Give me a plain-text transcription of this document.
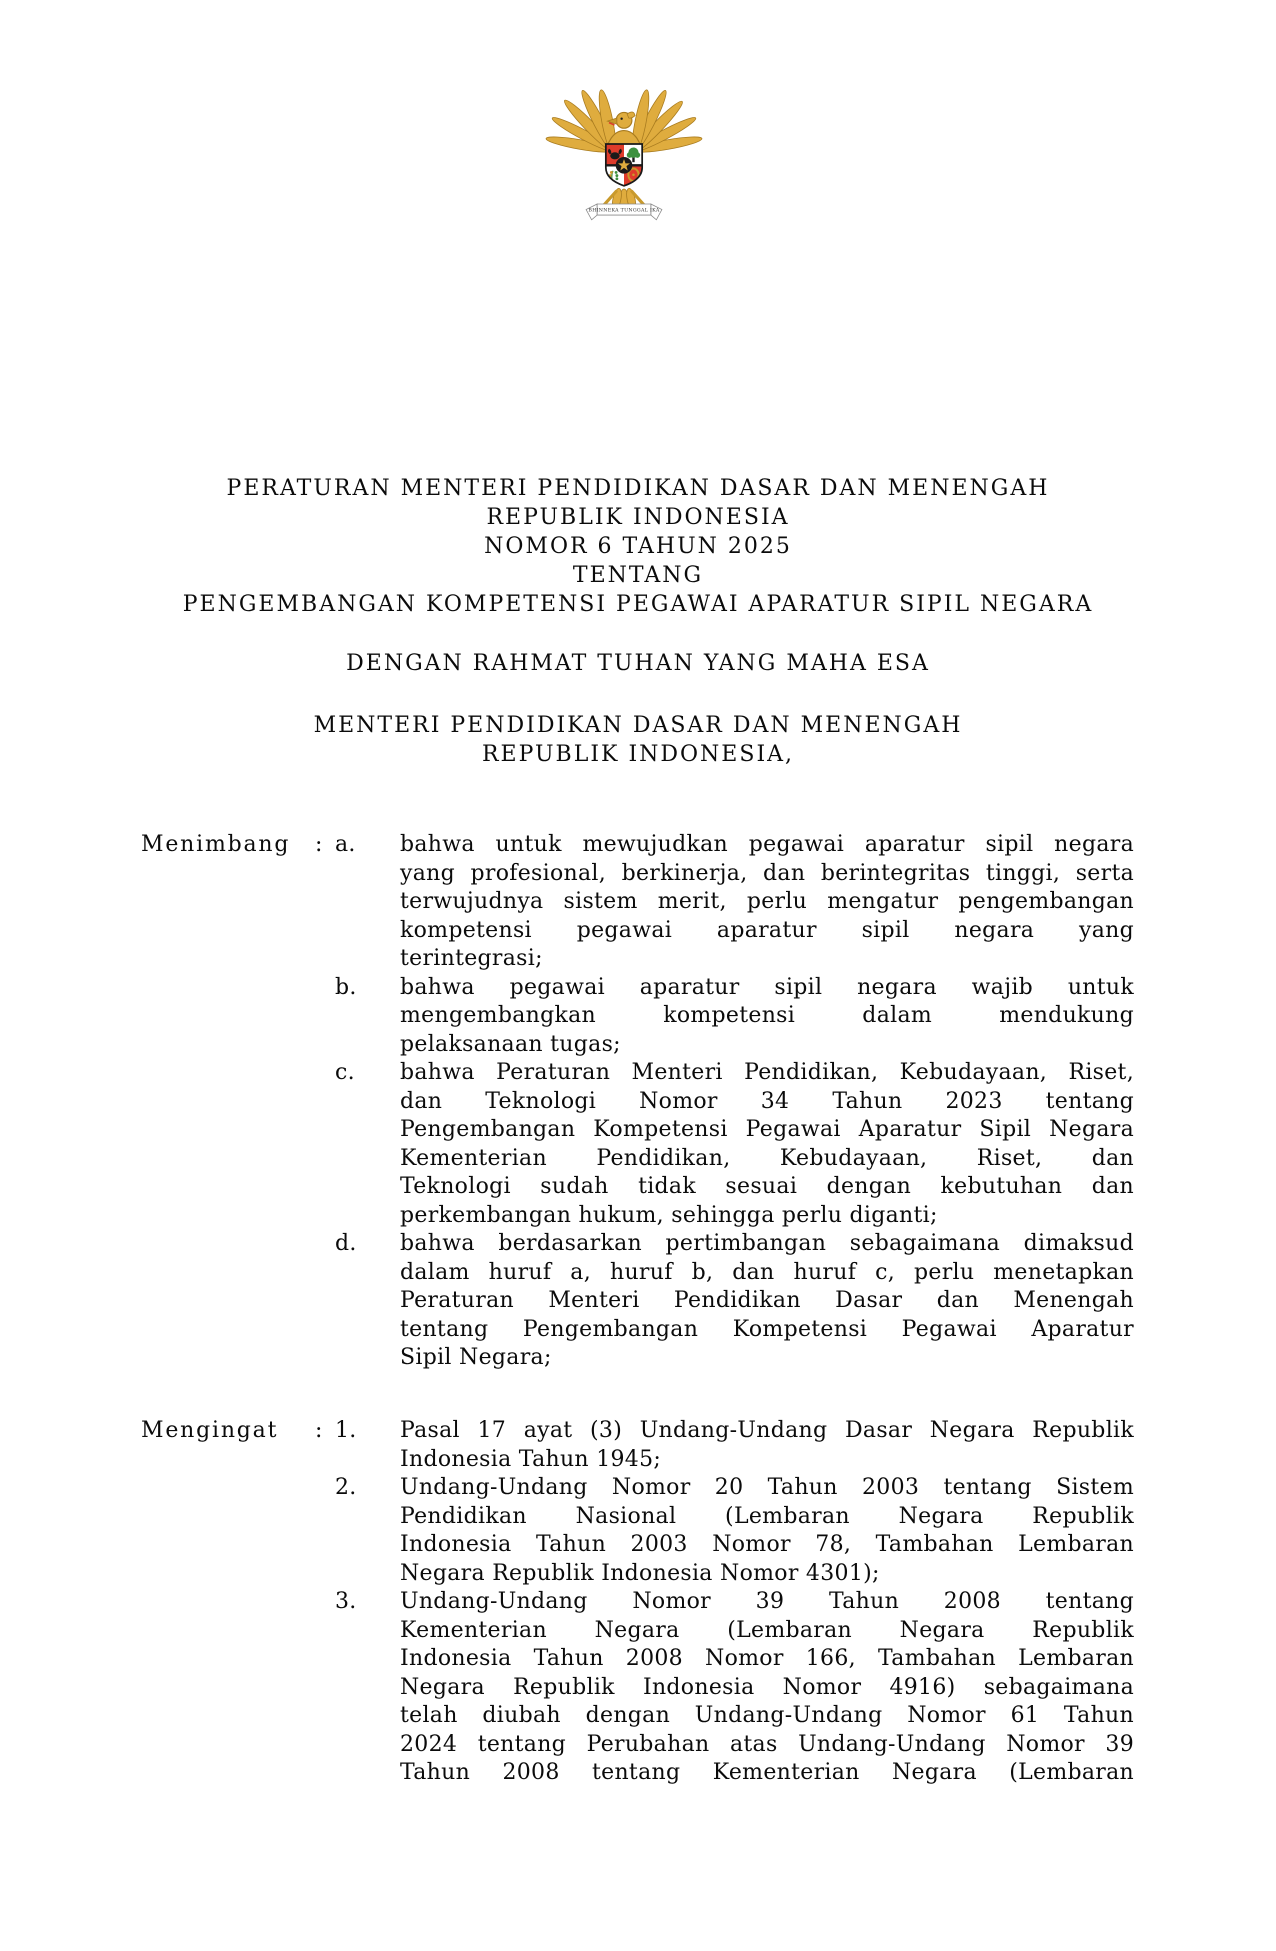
BHINNEKA TUNGGAL IKA
PERATURAN MENTERI PENDIDIKAN DASAR DAN MENENGAH
REPUBLIK INDONESIA
NOMOR 6 TAHUN 2025
TENTANG
PENGEMBANGAN KOMPETENSI PEGAWAI APARATUR SIPIL NEGARA
DENGAN RAHMAT TUHAN YANG MAHA ESA
MENTERI PENDIDIKAN DASAR DAN MENENGAH
REPUBLIK INDONESIA,
Menimbang : a.	bahwa untuk mewujudkan pegawai aparatur sipil negara
yang profesional, berkinerja, dan berintegritas tinggi, serta
terwujudnya sistem merit, perlu mengatur pengembangan
kompetensi pegawai aparatur sipil negara yang
terintegrasi;
b.	bahwa pegawai aparatur sipil negara wajib untuk
mengembangkan kompetensi dalam mendukung
pelaksanaan tugas;
c.	bahwa Peraturan Menteri Pendidikan, Kebudayaan, Riset,
dan Teknologi Nomor 34 Tahun 2023 tentang
Pengembangan Kompetensi Pegawai Aparatur Sipil Negara
Kementerian Pendidikan, Kebudayaan, Riset, dan
Teknologi sudah tidak sesuai dengan kebutuhan dan
perkembangan hukum, sehingga perlu diganti;
d.	bahwa berdasarkan pertimbangan sebagaimana dimaksud
dalam huruf a, huruf b, dan huruf c, perlu menetapkan
Peraturan Menteri Pendidikan Dasar dan Menengah
tentang Pengembangan Kompetensi Pegawai Aparatur
Sipil Negara;
Mengingat : 1.	Pasal 17 ayat (3) Undang-Undang Dasar Negara Republik
Indonesia Tahun 1945;
2.	Undang-Undang Nomor 20 Tahun 2003 tentang Sistem
Pendidikan Nasional (Lembaran Negara Republik
Indonesia Tahun 2003 Nomor 78, Tambahan Lembaran
Negara Republik Indonesia Nomor 4301);
3.	Undang-Undang Nomor 39 Tahun 2008 tentang
Kementerian Negara (Lembaran Negara Republik
Indonesia Tahun 2008 Nomor 166, Tambahan Lembaran
Negara Republik Indonesia Nomor 4916) sebagaimana
telah diubah dengan Undang-Undang Nomor 61 Tahun
2024 tentang Perubahan atas Undang-Undang Nomor 39
Tahun 2008 tentang Kementerian Negara (Lembaran
